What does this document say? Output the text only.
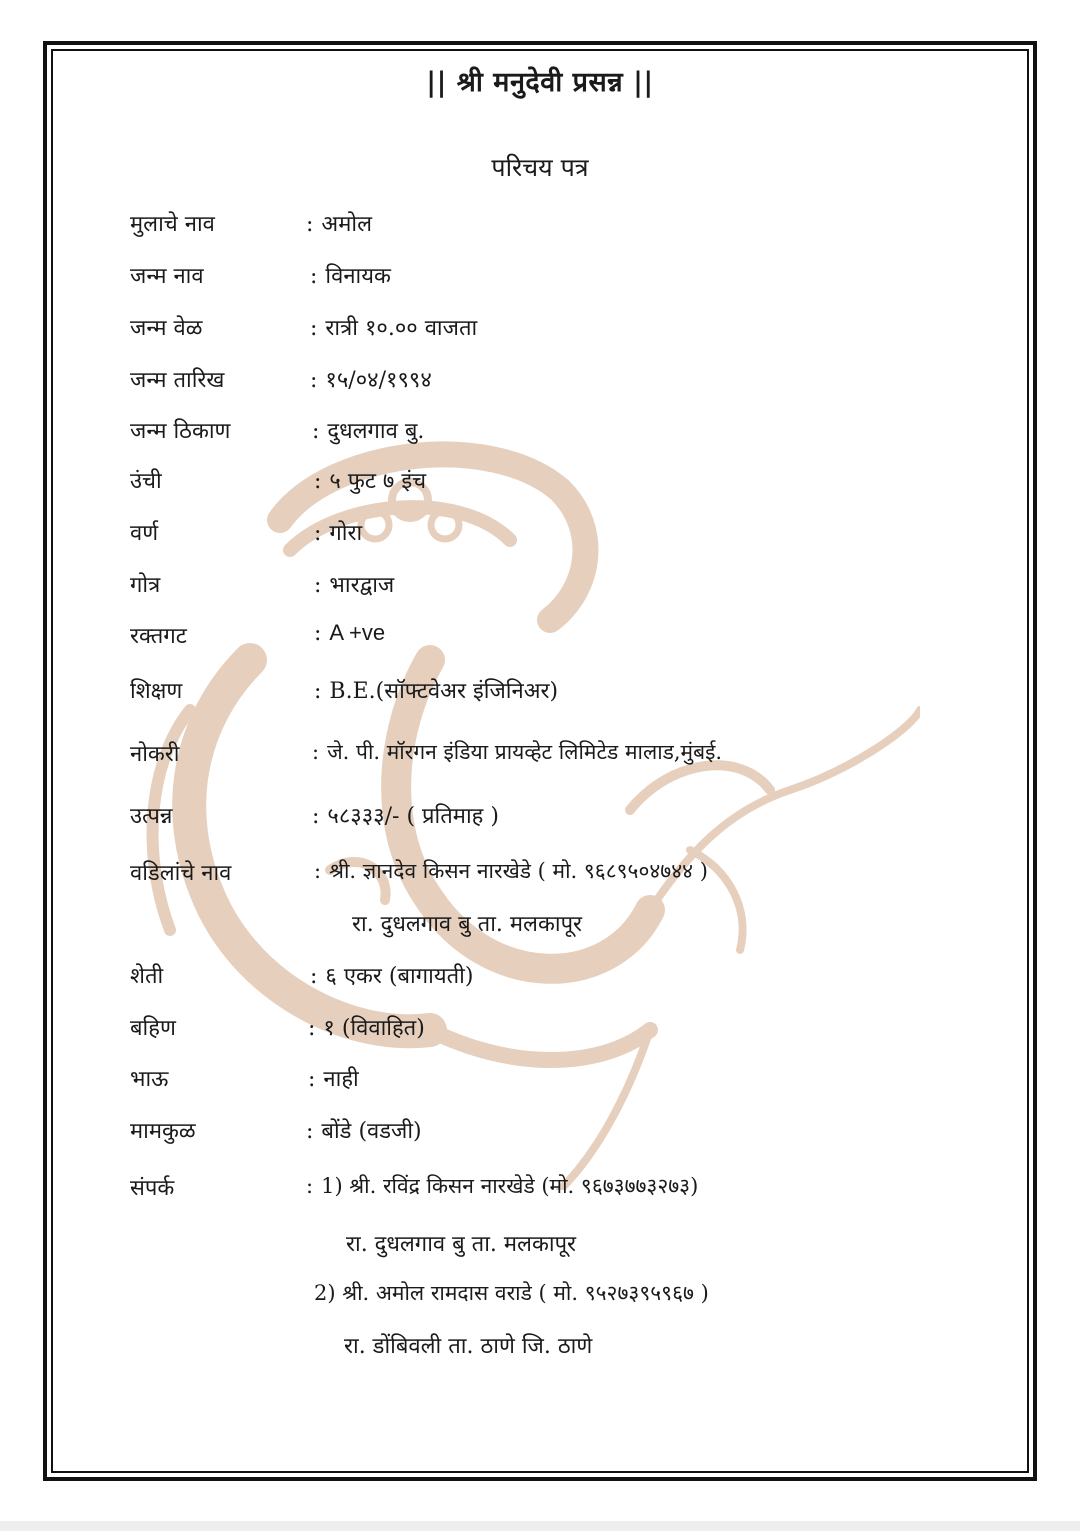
|| श्री मनुदेवी प्रसन्न ||
परिचय पत्र
मुलाचे नाव	: अमोल
जन्म नाव	: विनायक
जन्म वेळ	: रात्री १०.०० वाजता
जन्म तारिख	: १५/०४/१९९४
जन्म ठिकाण	: दुधलगाव बु.
उंची	: ५ फुट ७ इंच
वर्ण	: गोरा
गोत्र	: भारद्वाज
रक्तगट	: A +ve
शिक्षण	: B.E.(सॉफ्टवेअर इंजिनिअर)
नोकरी	: जे. पी. मॉरगन इंडिया प्रायव्हेट लिमिटेड मालाड,मुंबई.
उत्पन्न	: ५८३३३/- ( प्रतिमाह )
वडिलांचे नाव	: श्री. ज्ञानदेव किसन नारखेडे ( मो. ९६८९५०४७४४ )
रा. दुधलगाव बु ता. मलकापूर
शेती	: ६ एकर (बागायती)
बहिण	: १ (विवाहित)
भाऊ	: नाही
मामकुळ	: बोंडे (वडजी)
संपर्क	: 1) श्री. रविंद्र किसन नारखेडे (मो. ९६७३७७३२७३)
रा. दुधलगाव बु ता. मलकापूर
2) श्री. अमोल रामदास वराडे ( मो. ९५२७३९५९६७ )
रा. डोंबिवली ता. ठाणे जि. ठाणे
